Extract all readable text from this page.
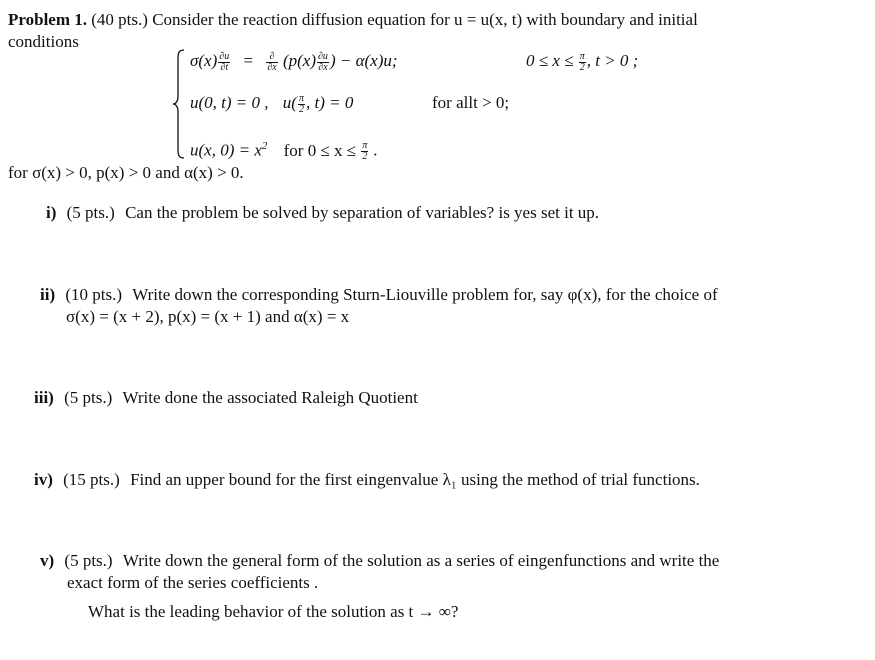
Problem 1. (40 pts.) Consider the reaction diffusion equation for u = u(x, t) with boundary and initial
conditions
$\sigma(x) \frac{\partial u}{\partial t} = \frac{\partial}{\partial x} (p(x) \frac{\partial u}{\partial x}$ ) − α(x)u;	$0 \le x \le \frac{\pi}{2}$ , t > 0 ;
u(0, t) = 0 , $u( \frac{\pi}{2}$ , t) = 0	for allt > 0;
u(x, $0) = x^2$ for $0 \le x \le \frac{\pi}{2}$ .
for σ(x) > 0, p(x) > 0 and α(x) > 0.
i) (5 pts.) Can the problem be solved by separation of variables? is yes set it up.
ii) (10 pts.) Write down the corresponding Sturn-Liouville problem for, say φ(x), for the choice of
σ(x) = (x + 2), p(x) = (x + 1) and α(x) = x
iii) (5 pts.) Write done the associated Raleigh Quotient
iv) (15 pts.) Find an upper bound for the first eingenvalue λ₁ using the method of trial functions.
v) (5 pts.) Write down the general form of the solution as a series of eingenfunctions and write the
exact form of the series coefficients .
What is the leading behavior of the solution as t → ∞?
